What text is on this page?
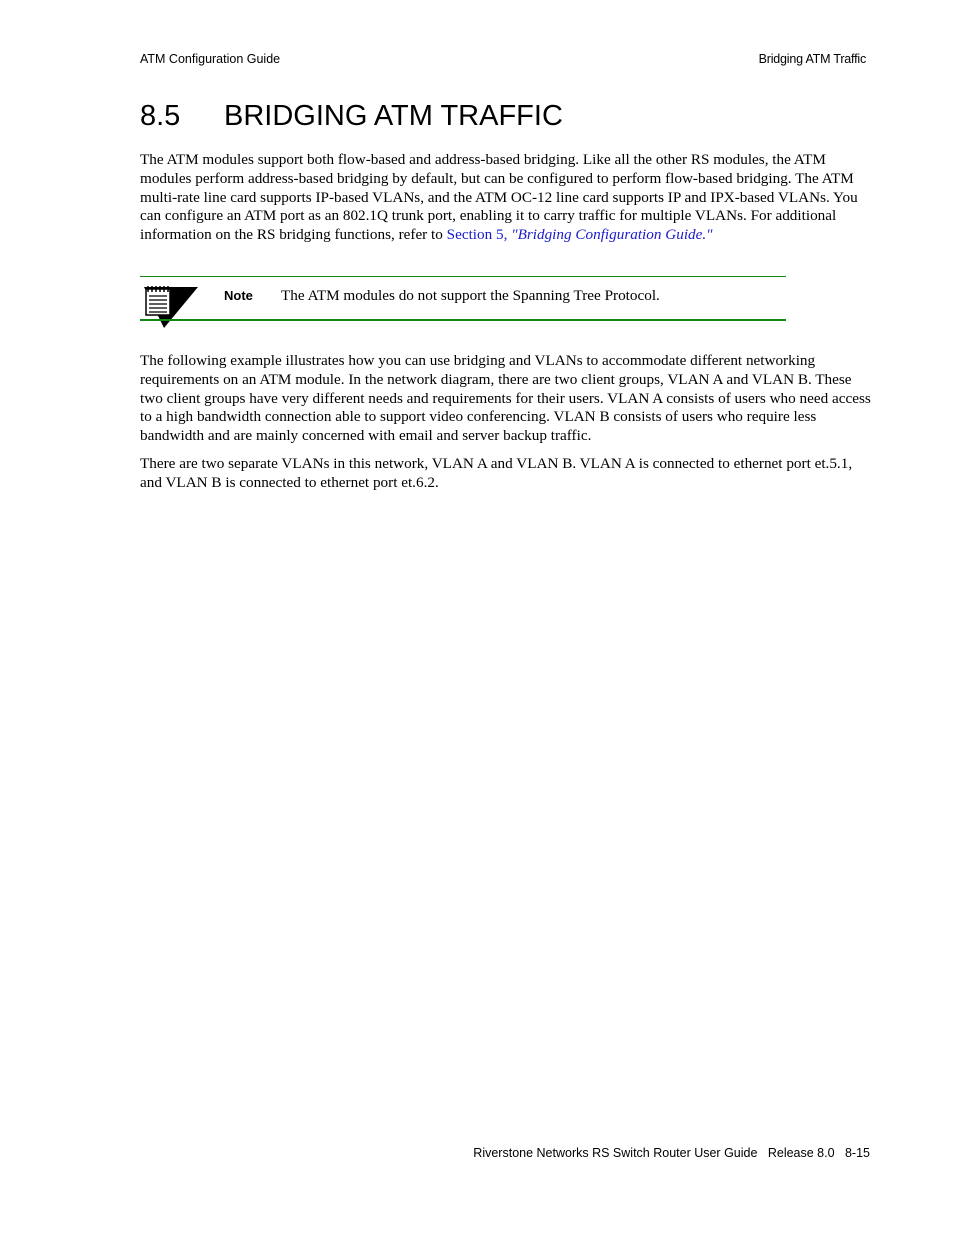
ATM Configuration Guide	Bridging ATM Traffic
8.5 BRIDGING ATM TRAFFIC

The ATM modules support both flow-based and address-based bridging. Like all the other RS modules, the ATM modules perform address-based bridging by default, but can be configured to perform flow-based bridging. The ATM multi-rate line card supports IP-based VLANs, and the ATM OC-12 line card supports IP and IPX-based VLANs. You can configure an ATM port as an 802.1Q trunk port, enabling it to carry traffic for multiple VLANs. For additional information on the RS bridging functions, refer to Section 5, "Bridging Configuration Guide."

Note The ATM modules do not support the Spanning Tree Protocol.

The following example illustrates how you can use bridging and VLANs to accommodate different networking requirements on an ATM module. In the network diagram, there are two client groups, VLAN A and VLAN B. These two client groups have very different needs and requirements for their users. VLAN A consists of users who need access to a high bandwidth connection able to support video conferencing. VLAN B consists of users who require less bandwidth and are mainly concerned with email and server backup traffic.

There are two separate VLANs in this network, VLAN A and VLAN B. VLAN A is connected to ethernet port et.5.1, and VLAN B is connected to ethernet port et.6.2.

Riverstone Networks RS Switch Router User Guide   Release 8.0   8-15
